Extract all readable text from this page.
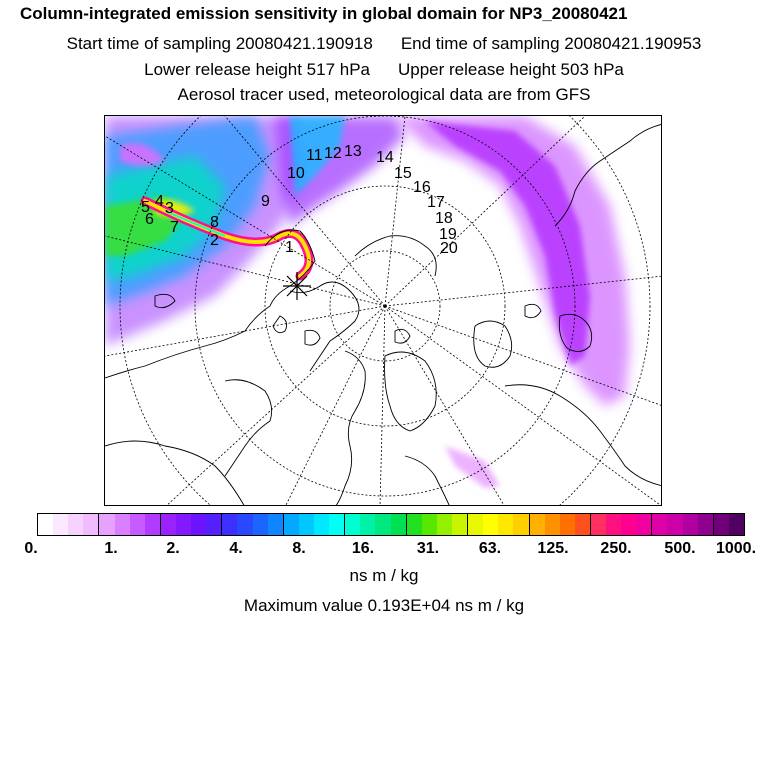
Column-integrated emission sensitivity in global domain for NP3_20080421
Start time of sampling 20080421.190918 End time of sampling 20080421.190953
Lower release height 517 hPa Upper release height 503 hPa
Aerosol tracer used, meteorological data are from GFS
1
2
3
4
5
6 7 8
9
10
11 12 13 14
15
16
17
18
19
20
0.	1.	2.	4.	8.	16.	31. 63. 125. 250. 500. 1000.
ns m / kg
Maximum value 0.193E+04 ns m / kg
